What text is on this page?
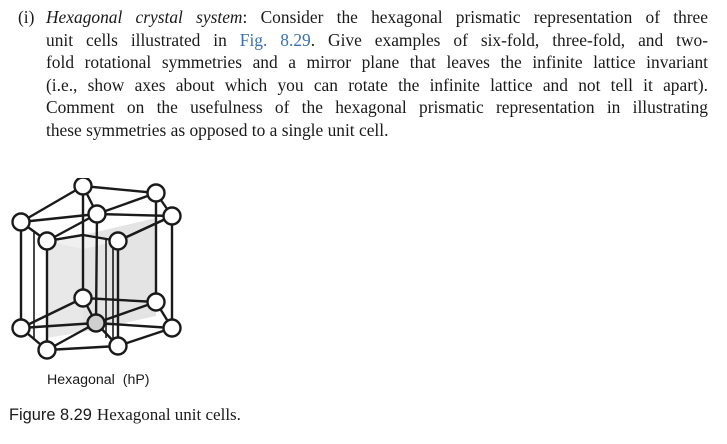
(i) Hexagonal crystal system: Consider the hexagonal prismatic representation of three
unit cells illustrated in Fig. 8.29. Give examples of six-fold, three-fold, and two-
fold rotational symmetries and a mirror plane that leaves the infinite lattice invariant
(i.e., show axes about which you can rotate the infinite lattice and not tell it apart).
Comment on the usefulness of the hexagonal prismatic representation in illustrating
these symmetries as opposed to a single unit cell.
Hexagonal  (hP)
Figure 8.29 Hexagonal unit cells.
